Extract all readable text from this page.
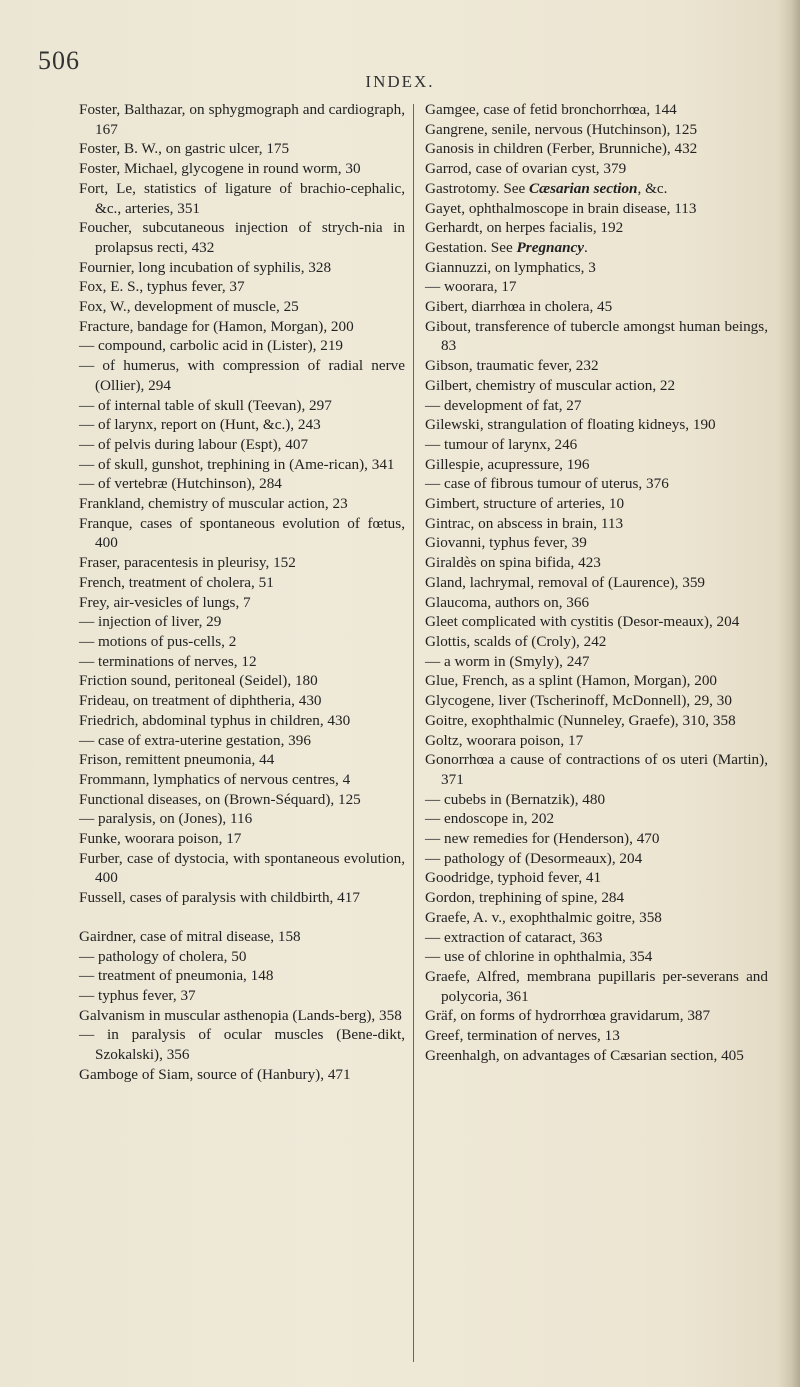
506
INDEX.

Foster, Balthazar, on sphygmograph and cardiograph, 167

Foster, B. W., on gastric ulcer, 175

Foster, Michael, glycogene in round worm, 30

Fort, Le, statistics of ligature of brachio-cephalic, &c., arteries, 351

Foucher, subcutaneous injection of strych-nia in prolapsus recti, 432

Fournier, long incubation of syphilis, 328

Fox, E. S., typhus fever, 37

Fox, W., development of muscle, 25

Fracture, bandage for (Hamon, Morgan), 200

— compound, carbolic acid in (Lister), 219

— of humerus, with compression of radial nerve (Ollier), 294

— of internal table of skull (Teevan), 297

— of larynx, report on (Hunt, &c.), 243

— of pelvis during labour (Espt), 407

— of skull, gunshot, trephining in (Ame-rican), 341

— of vertebræ (Hutchinson), 284

Frankland, chemistry of muscular action, 23

Franque, cases of spontaneous evolution of fœtus, 400

Fraser, paracentesis in pleurisy, 152

French, treatment of cholera, 51

Frey, air-vesicles of lungs, 7

— injection of liver, 29

— motions of pus-cells, 2

— terminations of nerves, 12

Friction sound, peritoneal (Seidel), 180

Frideau, on treatment of diphtheria, 430

Friedrich, abdominal typhus in children, 430

— case of extra-uterine gestation, 396

Frison, remittent pneumonia, 44

Frommann, lymphatics of nervous centres, 4

Functional diseases, on (Brown-Séquard), 125

— paralysis, on (Jones), 116

Funke, woorara poison, 17

Furber, case of dystocia, with spontaneous evolution, 400

Fussell, cases of paralysis with childbirth, 417

Gairdner, case of mitral disease, 158

— pathology of cholera, 50

— treatment of pneumonia, 148

— typhus fever, 37

Galvanism in muscular asthenopia (Lands-berg), 358

— in paralysis of ocular muscles (Bene-dikt, Szokalski), 356

Gamboge of Siam, source of (Hanbury), 471

Gamgee, case of fetid bronchorrhœa, 144

Gangrene, senile, nervous (Hutchinson), 125

Ganosis in children (Ferber, Brunniche), 432

Garrod, case of ovarian cyst, 379

Gastrotomy. See Cæsarian section, &c.

Gayet, ophthalmoscope in brain disease, 113

Gerhardt, on herpes facialis, 192

Gestation. See Pregnancy.

Giannuzzi, on lymphatics, 3

— woorara, 17

Gibert, diarrhœa in cholera, 45

Gibout, transference of tubercle amongst human beings, 83

Gibson, traumatic fever, 232

Gilbert, chemistry of muscular action, 22

— development of fat, 27

Gilewski, strangulation of floating kidneys, 190

— tumour of larynx, 246

Gillespie, acupressure, 196

— case of fibrous tumour of uterus, 376

Gimbert, structure of arteries, 10

Gintrac, on abscess in brain, 113

Giovanni, typhus fever, 39

Giraldès on spina bifida, 423

Gland, lachrymal, removal of (Laurence), 359

Glaucoma, authors on, 366

Gleet complicated with cystitis (Desor-meaux), 204

Glottis, scalds of (Croly), 242

— a worm in (Smyly), 247

Glue, French, as a splint (Hamon, Morgan), 200

Glycogene, liver (Tscherinoff, McDonnell), 29, 30

Goitre, exophthalmic (Nunneley, Graefe), 310, 358

Goltz, woorara poison, 17

Gonorrhœa a cause of contractions of os uteri (Martin), 371

— cubebs in (Bernatzik), 480

— endoscope in, 202

— new remedies for (Henderson), 470

— pathology of (Desormeaux), 204

Goodridge, typhoid fever, 41

Gordon, trephining of spine, 284

Graefe, A. v., exophthalmic goitre, 358

— extraction of cataract, 363

— use of chlorine in ophthalmia, 354

Graefe, Alfred, membrana pupillaris per-severans and polycoria, 361

Gräf, on forms of hydrorrhœa gravidarum, 387

Greef, termination of nerves, 13

Greenhalgh, on advantages of Cæsarian section, 405
